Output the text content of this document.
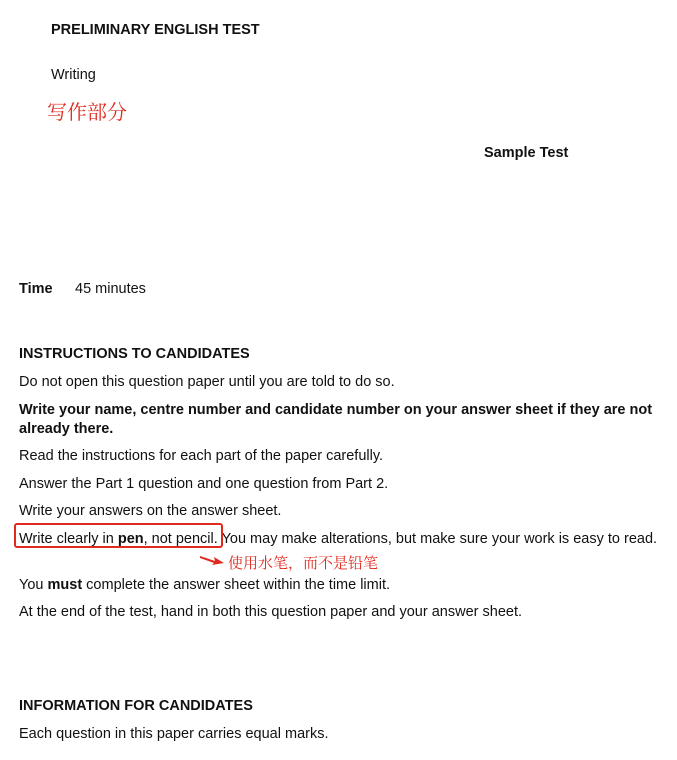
PRELIMINARY ENGLISH TEST
Writing
写作部分
Sample Test
Time 45 minutes
INSTRUCTIONS TO CANDIDATES
Do not open this question paper until you are told to do so.
Write your name, centre number and candidate number on your answer sheet if they are not already there.
Read the instructions for each part of the paper carefully.
Answer the Part 1 question and one question from Part 2.
Write your answers on the answer sheet.
Write clearly in pen, not pencil. You may make alterations, but make sure your work is easy to read.
使用水笔，而不是铅笔
You must complete the answer sheet within the time limit.
At the end of the test, hand in both this question paper and your answer sheet.
INFORMATION FOR CANDIDATES
Each question in this paper carries equal marks.
